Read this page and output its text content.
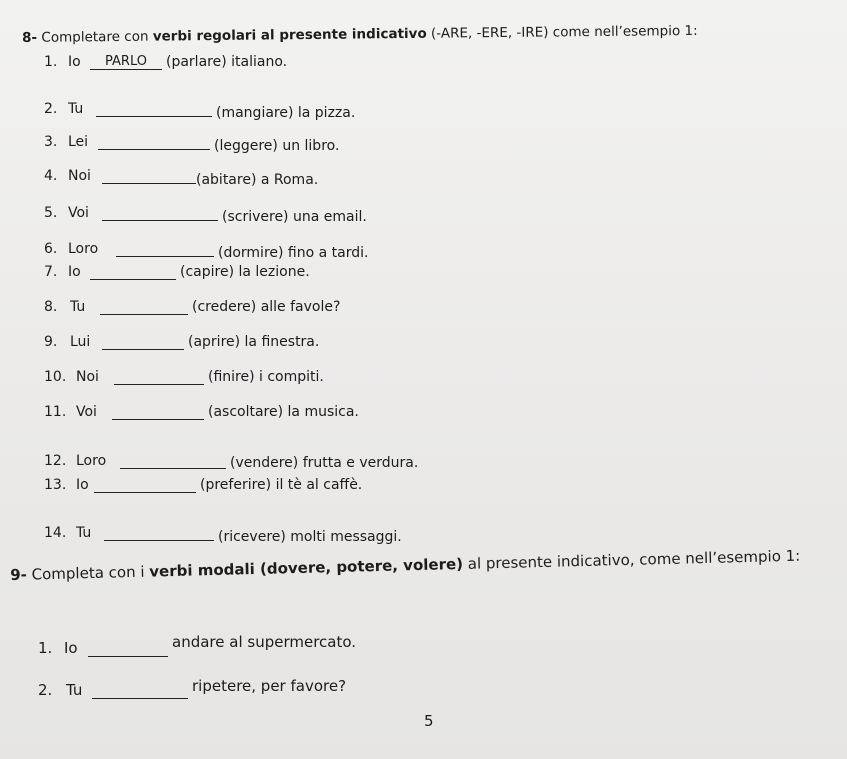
8- Completare con verbi regolari al presente indicativo (-ARE, -ERE, -IRE) come nell’esempio 1:
1. Io	PARLO	(parlare) italiano.
2. Tu	(mangiare) la pizza.
3. Lei	(leggere) un libro.
4. Noi	(abitare) a Roma.
5. Voi	(scrivere) una email.
6. Loro	(dormire) fino a tardi.
7. Io	(capire) la lezione.
8. Tu	(credere) alle favole?
9. Lui	(aprire) la finestra.
10. Noi	(finire) i compiti.
11. Voi	(ascoltare) la musica.
12. Loro	(vendere) frutta e verdura.
13. Io	(preferire) il tè al caffè.
14. Tu	(ricevere) molti messaggi.
9- Completa con i verbi modali (dovere, potere, volere) al presente indicativo, come nell’esempio 1:
1. Io	andare al supermercato.
2. Tu	ripetere, per favore?
5
